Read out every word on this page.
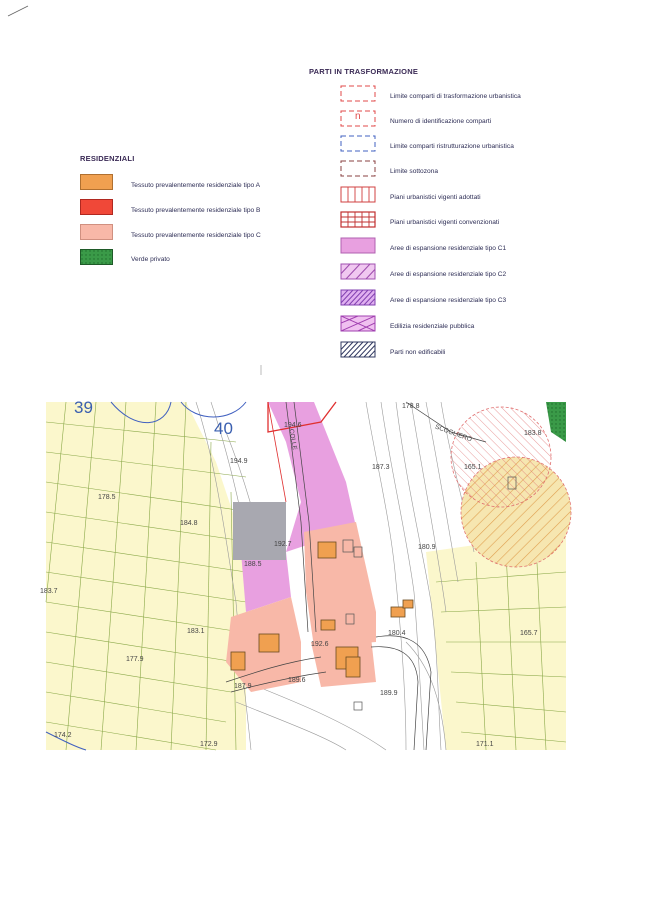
RESIDENZIALI
Tessuto prevalentemente residenziale tipo A
Tessuto prevalentemente residenziale tipo B
Tessuto prevalentemente residenziale tipo C
Verde privato
PARTI IN TRASFORMAZIONE
Limite comparti di trasformazione urbanistica
n	Numero di identificazione comparti
Limite comparti ristrutturazione urbanistica
Limite sottozona
Piani urbanistici vigenti adottati
Piani urbanistici vigenti convenzionati
Aree di espansione residenziale tipo C1
Aree di espansione residenziale tipo C2
Aree di espansione residenziale tipo C3
Edilizia residenziale pubblica
Parti non edificabili
39
40	COLLE	SCOGLIERO
194.6
194.9
178.5
184.8
192.7
188.5
183.1
177.9
187.9
189.6
192.6
187.3
180.9
180.4
189.9
178.8
183.8
165.1
165.7
171.1
172.9
174.2
183.7
